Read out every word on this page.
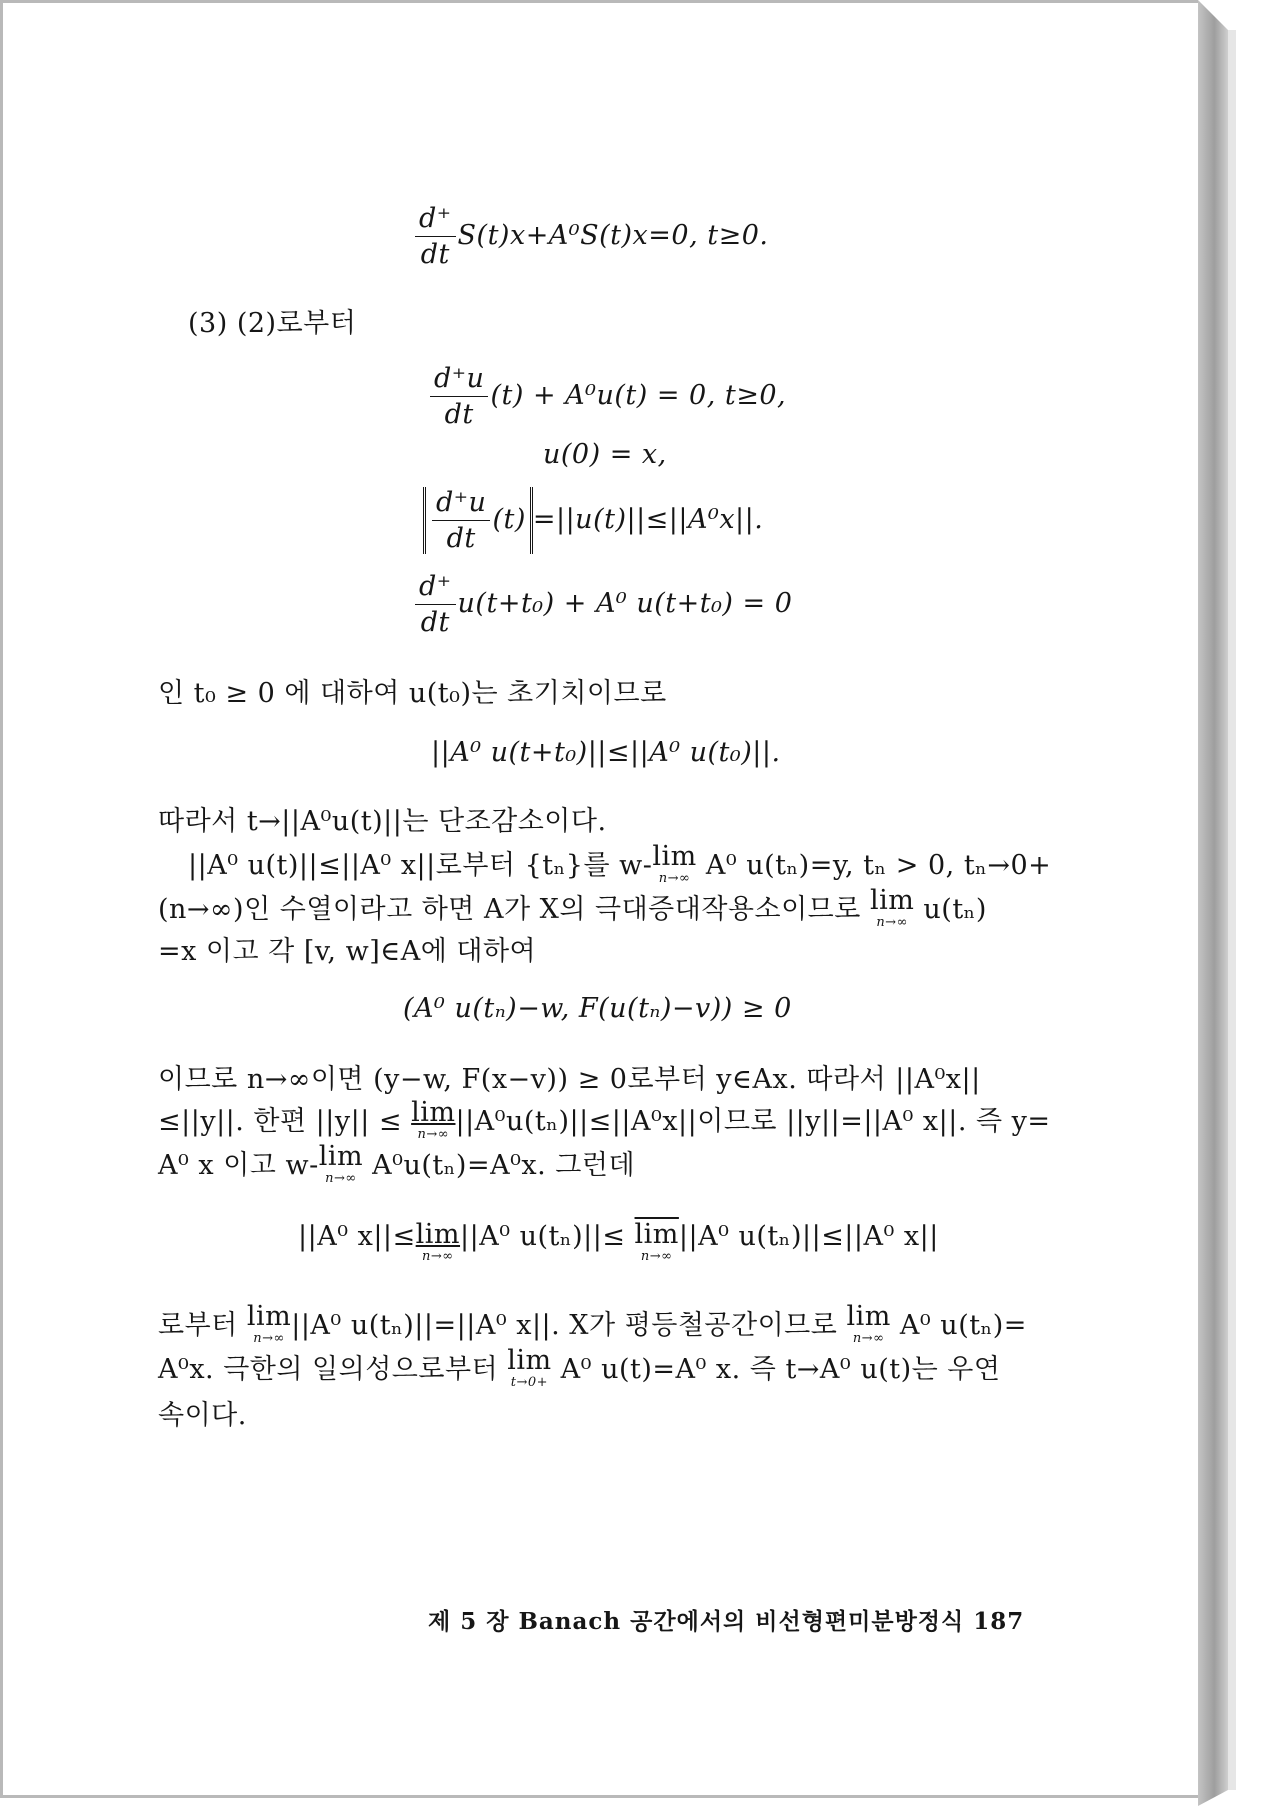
$\frac{d^+}{dt} S(t)x+A^0S(t)x=0$, t≥0.
(3) (2)로부터
$\frac{d^+u}{dt} (t) + A^0u(t) = 0$, t≥0,
u(0) = x,
$\frac{d^+u}{dt} (t) =||u(t)||\le||A^0x||$.
$\frac{d^+}{dt} u(t+t_0) + A^0$ u(t+t₀) = 0
인 t₀ ≥ 0 에 대하여 u(t₀)는 초기치이므로
||A⁰ u(t+t₀)||≤||A⁰ u(t₀)||.
따라서 t→||A⁰u(t)||는 단조감소이다.
||A⁰ u(t)||≤||A⁰ x||로부터 {tₙ}를 w- lim
n→∞ A⁰ u(tₙ)=y, tₙ > 0, tₙ→0+
(n→∞)인 수열이라고 하면 A가 X의 극대증대작용소이므로 lim
n→∞ u(tₙ)
=x 이고 각 [v, w]∈A에 대하여
(A⁰ u(tₙ)−w, F(u(tₙ)−v)) ≥ 0
이므로 n→∞이면 (y−w, F(x−v)) ≥ 0로부터 y∈Ax. 따라서 ||A⁰x||
≤||y||. 한편 ||y|| ≤ lim
n→∞ ||A⁰u(tₙ)||≤||A⁰x||이므로 ||y||=||A⁰ x||. 즉 y=
A⁰ x 이고 w- lim
n→∞ A⁰u(tₙ)=A⁰x. 그런데
||A⁰ x||≤ lim
n→∞
||A⁰ $u(t_n)||\le \overline{lim}$
n→∞
||A⁰ u(tₙ)||≤||A⁰ x||
로부터 lim
n→∞ ||A⁰ u(tₙ)||=||A⁰ x||. X가 평등철공간이므로 lim
n→∞ A⁰ u(tₙ)=
A⁰x. 극한의 일의성으로부터 lim
t→0+ A⁰ u(t)=A⁰ x. 즉 t→A⁰ u(t)는 우연
속이다.
제 5 장 Banach 공간에서의 비선형편미분방정식 187
